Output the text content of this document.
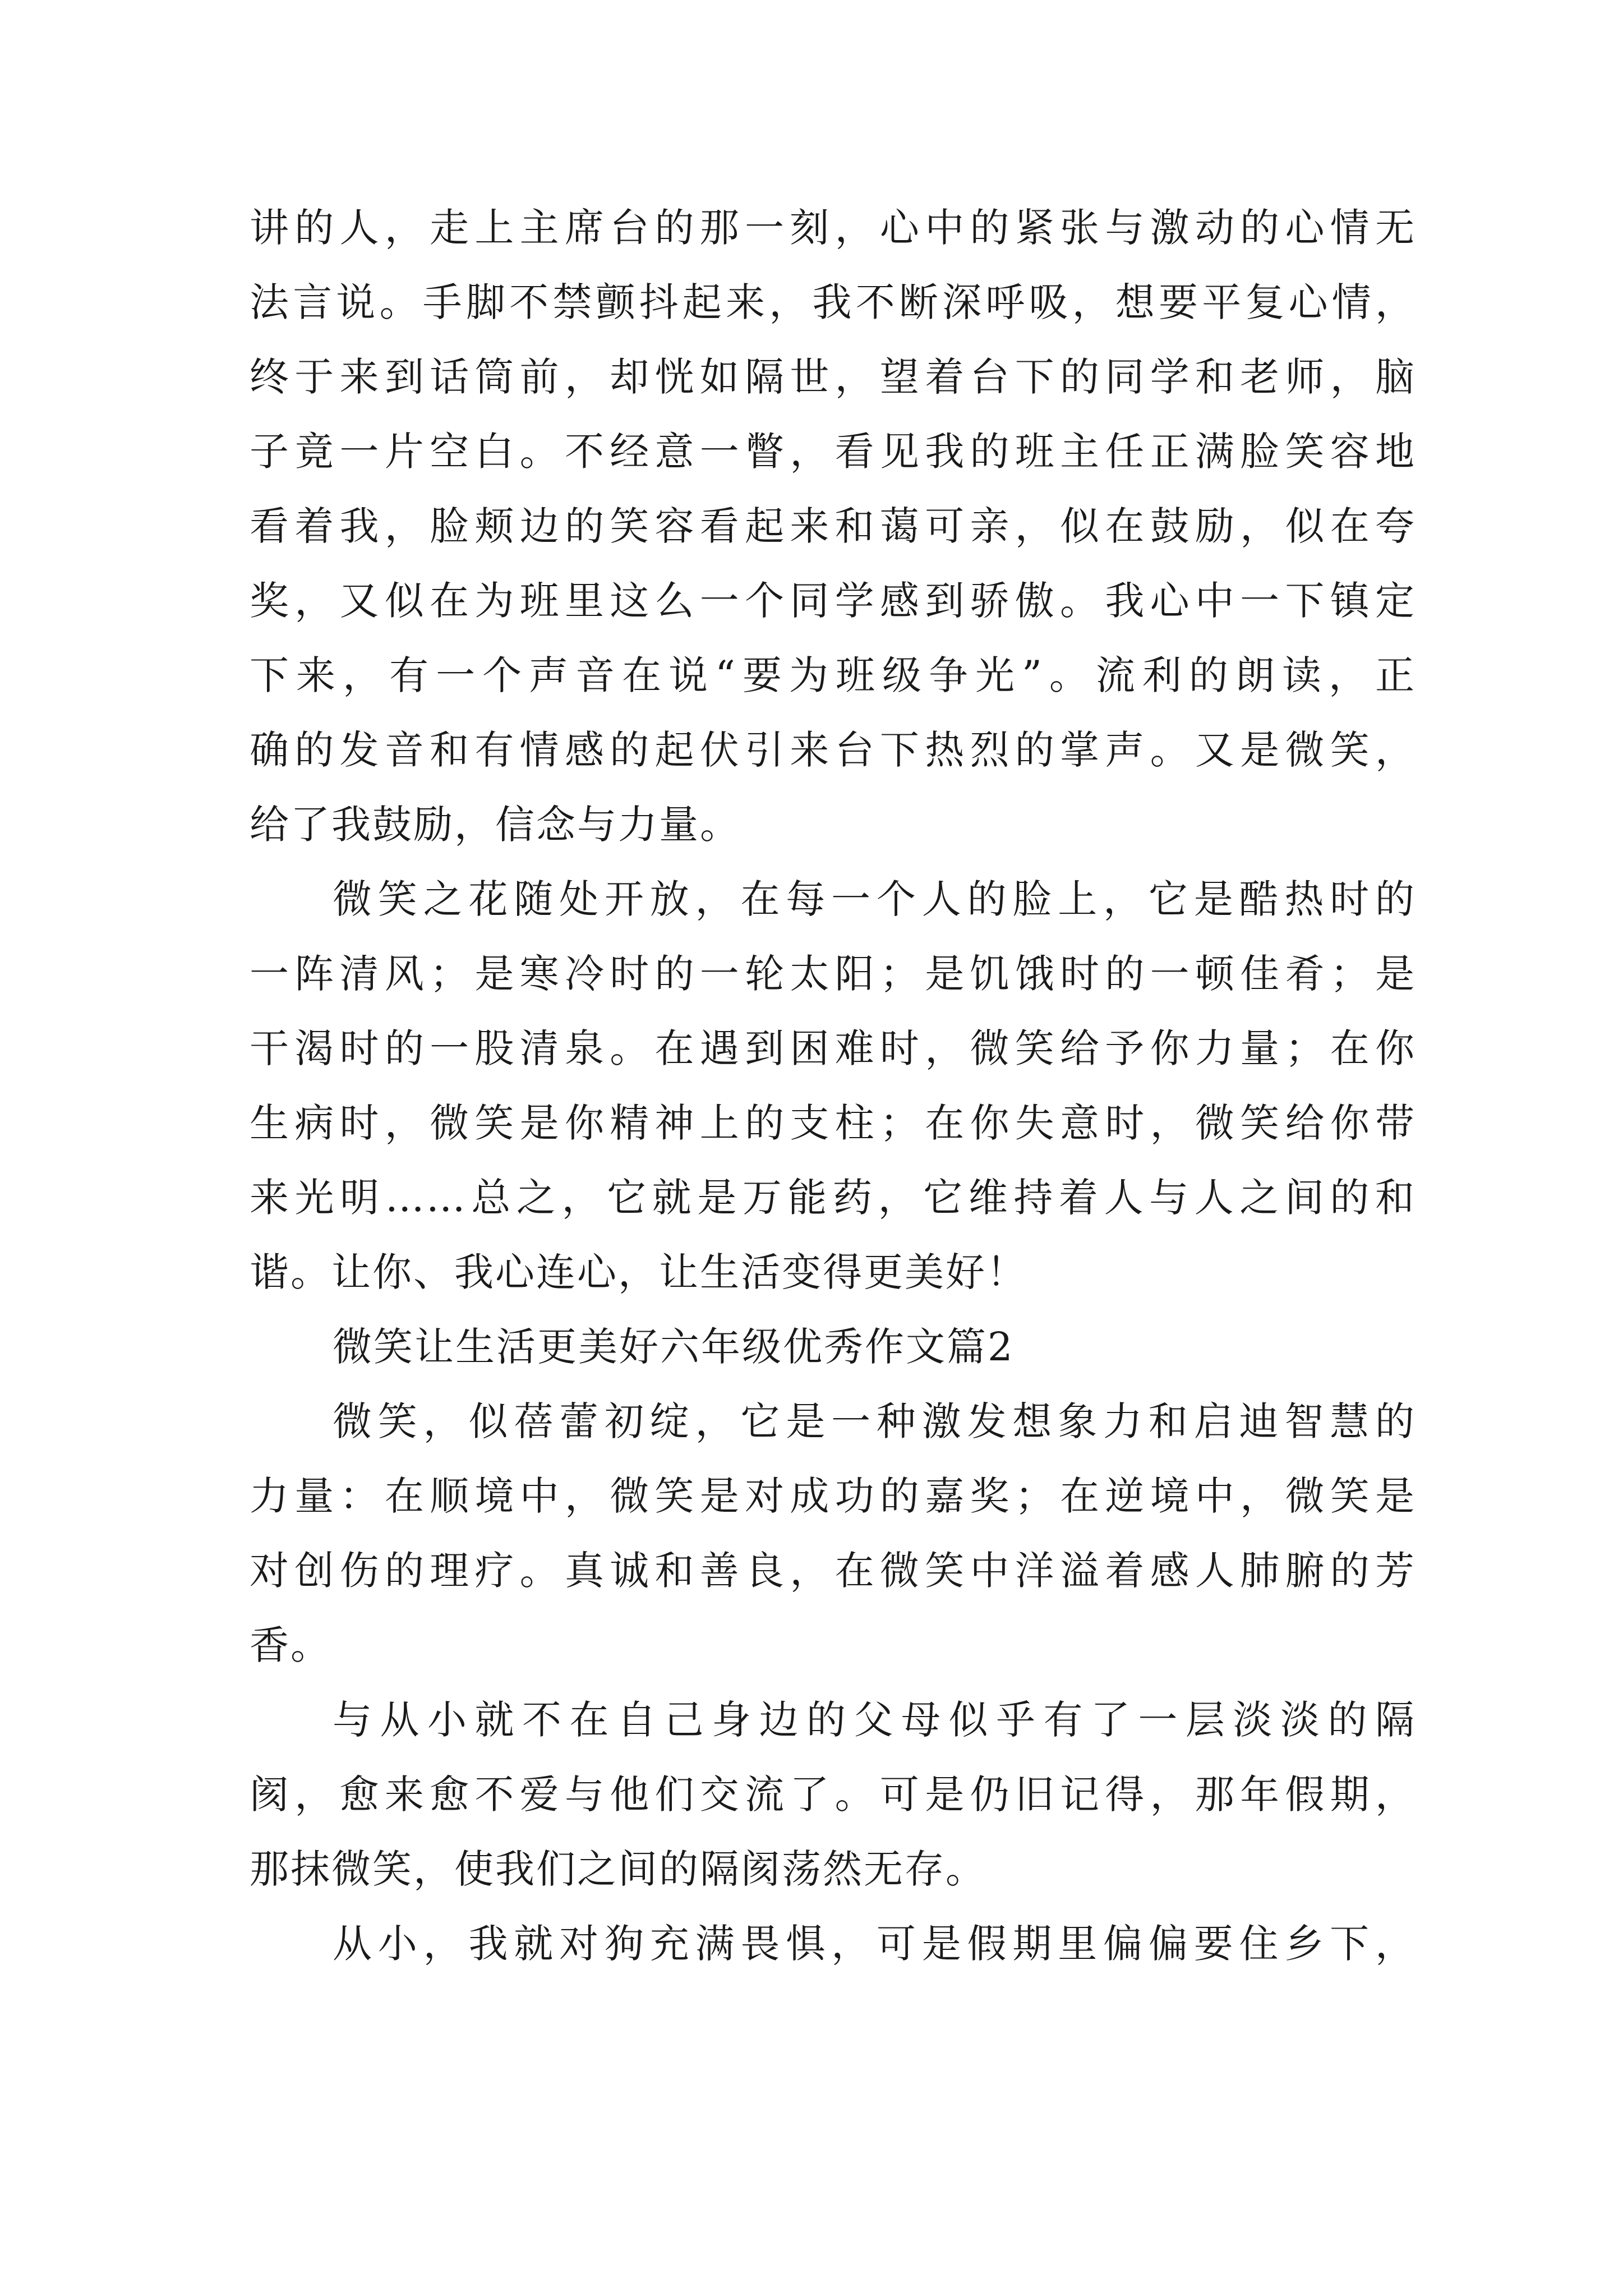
讲的人，走上主席台的那一刻，心中的紧张与激动的心情无
法言说。手脚不禁颤抖起来，我不断深呼吸，想要平复心情，
终于来到话筒前，却恍如隔世，望着台下的同学和老师，脑
子竟一片空白。不经意一瞥，看见我的班主任正满脸笑容地
看着我，脸颊边的笑容看起来和蔼可亲，似在鼓励，似在夸
奖，又似在为班里这么一个同学感到骄傲。我心中一下镇定
下来，有一个声音在说“要为班级争光”。流利的朗读，正
确的发音和有情感的起伏引来台下热烈的掌声。又是微笑，
给了我鼓励，信念与力量。
微笑之花随处开放，在每一个人的脸上，它是酷热时的
一阵清风；是寒冷时的一轮太阳；是饥饿时的一顿佳肴；是
干渴时的一股清泉。在遇到困难时，微笑给予你力量；在你
生病时，微笑是你精神上的支柱；在你失意时，微笑给你带
来光明……总之，它就是万能药，它维持着人与人之间的和
谐。让你、我心连心，让生活变得更美好！
微笑让生活更美好六年级优秀作文篇2
微笑，似蓓蕾初绽，它是一种激发想象力和启迪智慧的
力量：在顺境中，微笑是对成功的嘉奖；在逆境中，微笑是
对创伤的理疗。真诚和善良，在微笑中洋溢着感人肺腑的芳
香。
与从小就不在自己身边的父母似乎有了一层淡淡的隔
阂，愈来愈不爱与他们交流了。可是仍旧记得，那年假期，
那抹微笑，使我们之间的隔阂荡然无存。
从小，我就对狗充满畏惧，可是假期里偏偏要住乡下，
